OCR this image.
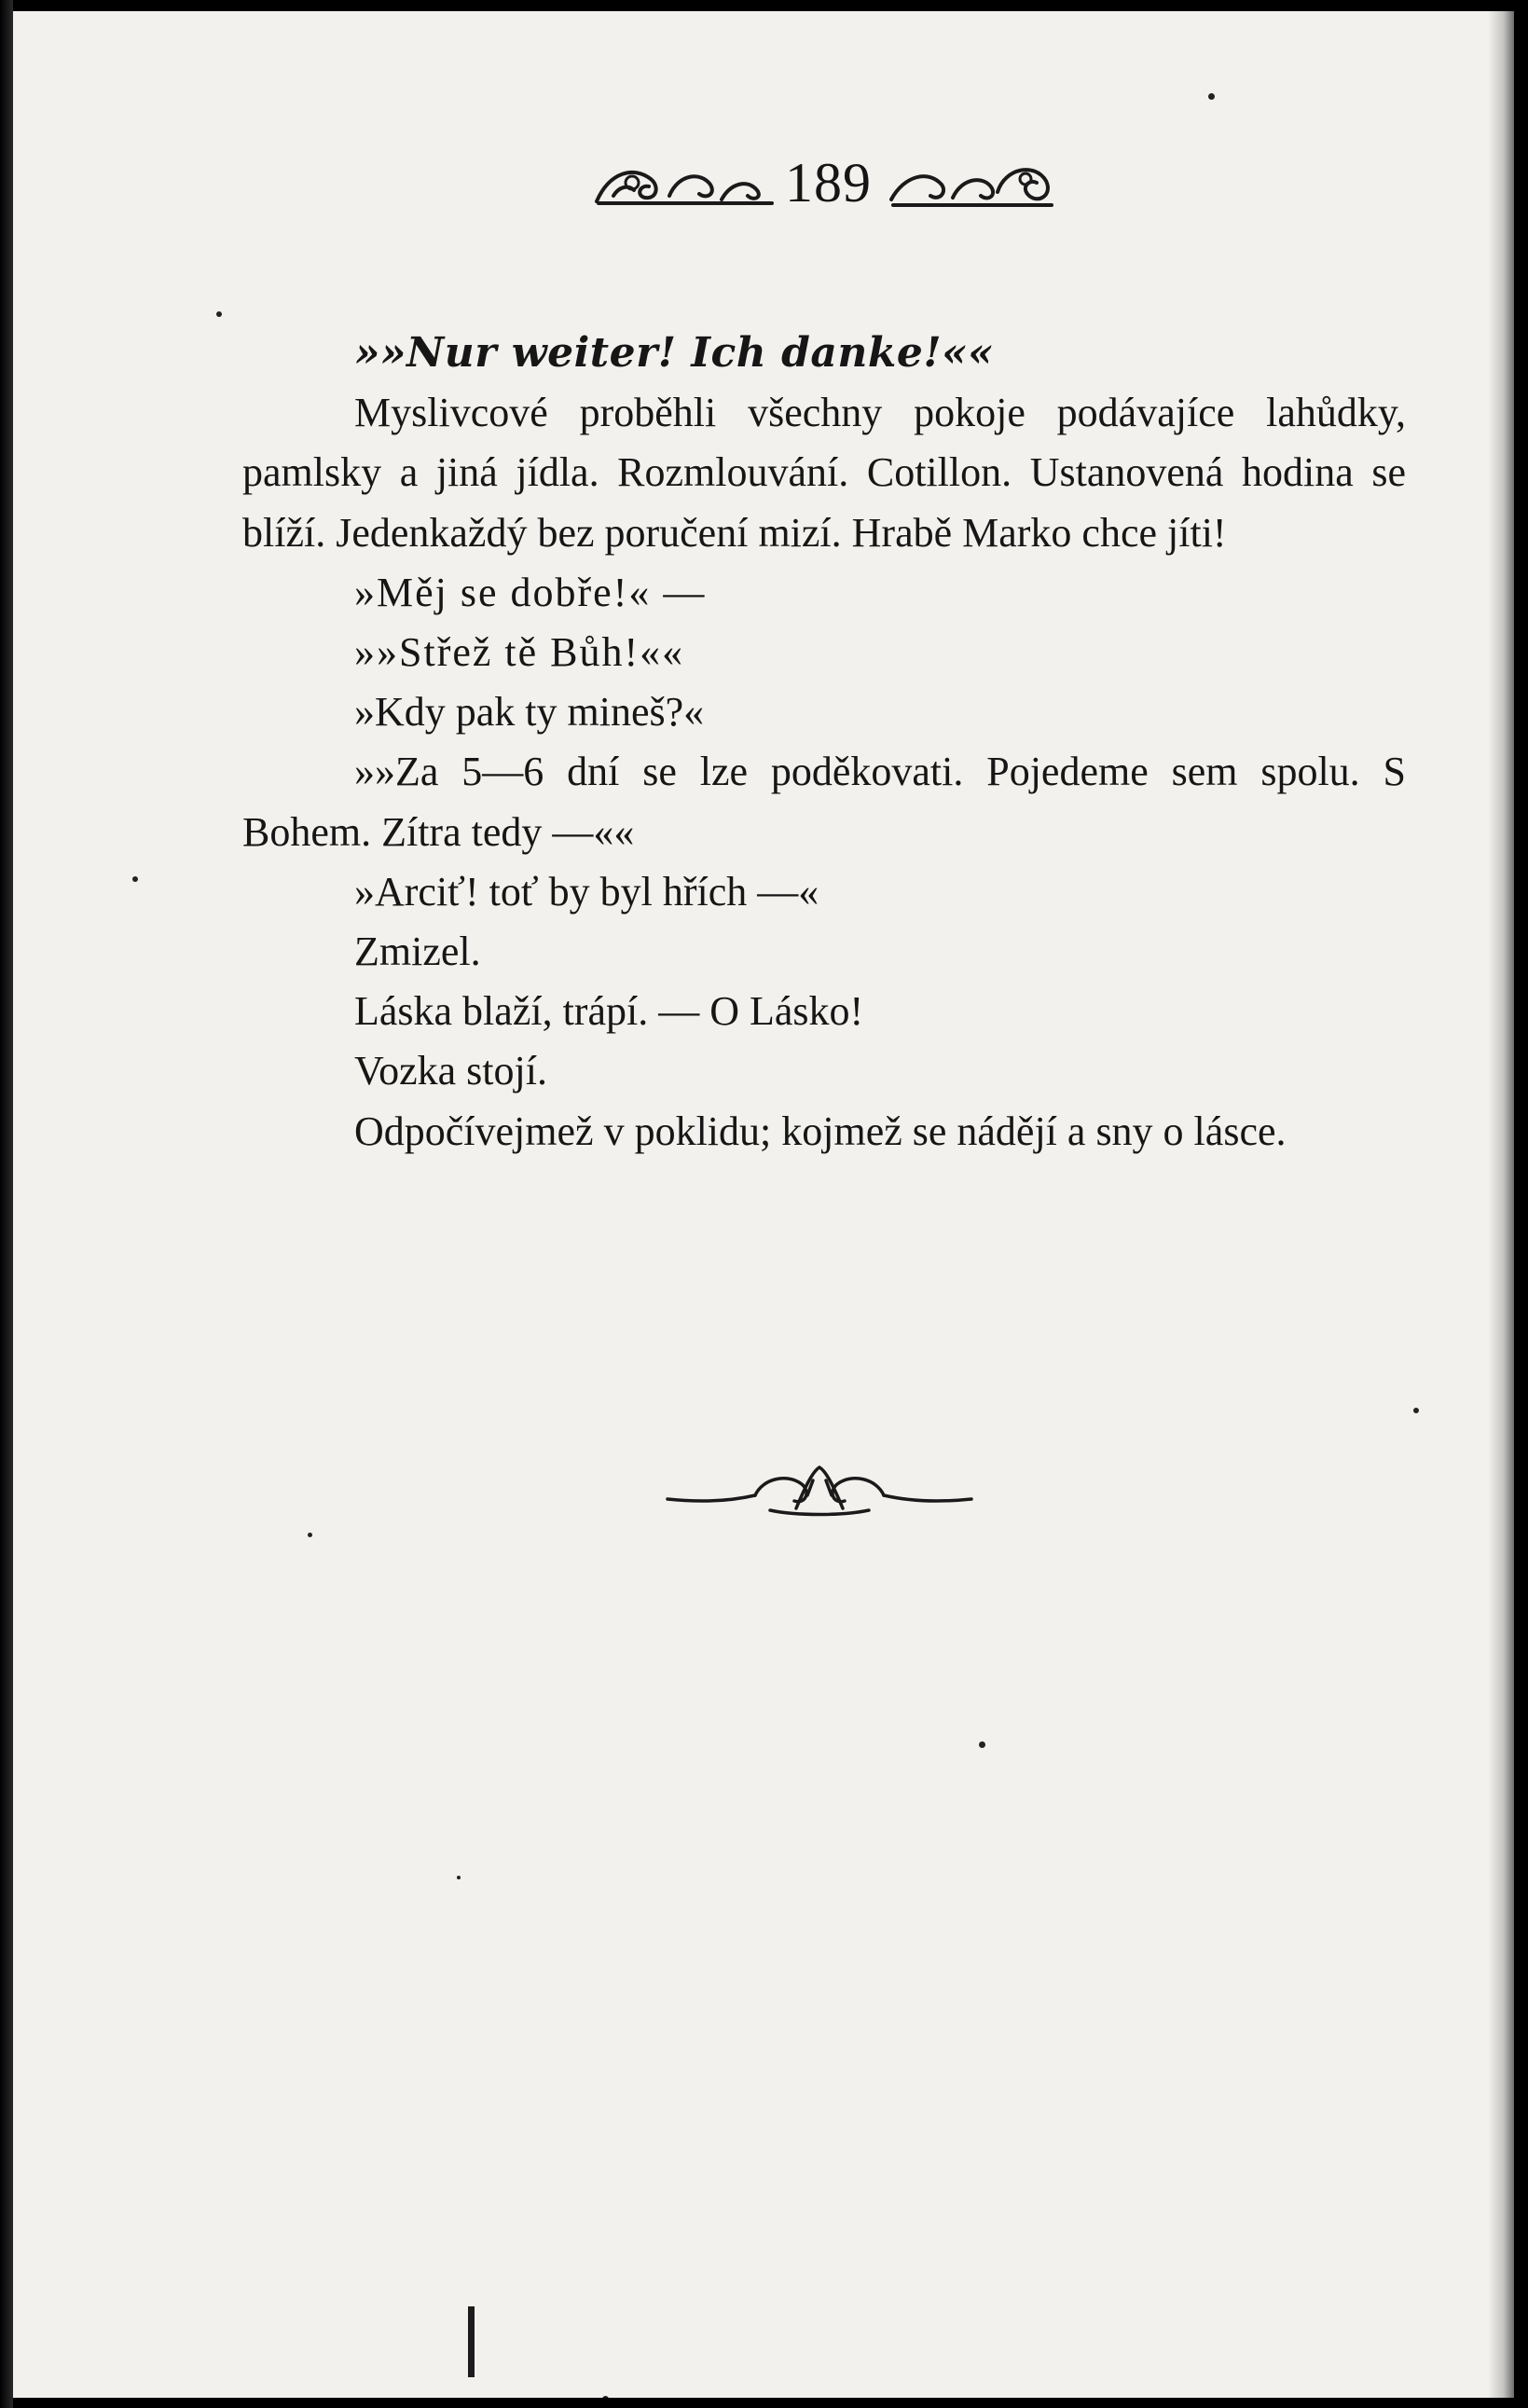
189

»»Nur weiter! Ich danke!««

Myslivcové proběhli všechny pokoje podávajíce lahůdky, pamlsky a jiná jídla. Rozmlouvání. Cotillon. Ustanovená hodina se blíží. Jedenkaždý bez poručení mizí. Hrabě Marko chce jíti!

»Měj se dobře!« —

»»Střež tě Bůh!««

»Kdy pak ty mineš?«

»»Za 5—6 dní se lze poděkovati. Pojedeme sem spolu. S Bohem. Zítra tedy —««

»Arciť! toť by byl hřích —«

Zmizel.

Láska blaží, trápí. — O Lásko!

Vozka stojí.

Odpočívejmež v poklidu; kojmež se nádějí a sny o lásce.
